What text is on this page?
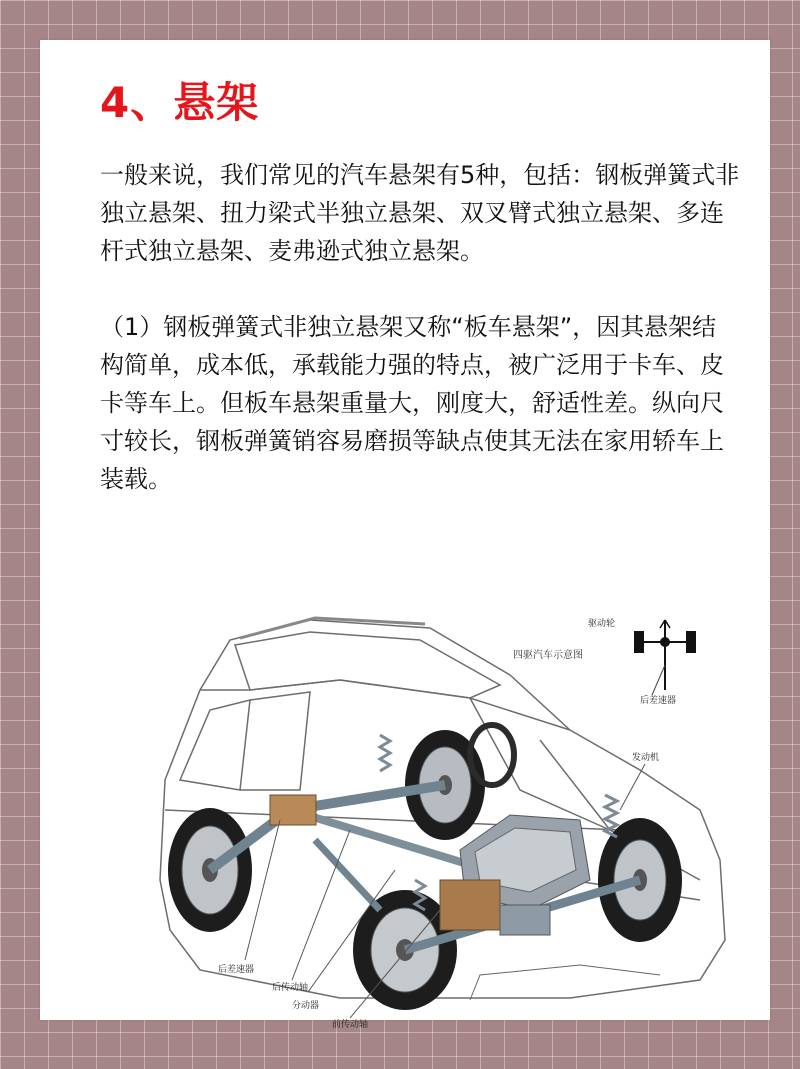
4、悬架

一般来说，我们常见的汽车悬架有5种，包括：钢板弹簧式非独立悬架、扭力梁式半独立悬架、双叉臂式独立悬架、多连杆式独立悬架、麦弗逊式独立悬架。

（1）钢板弹簧式非独立悬架又称“板车悬架”，因其悬架结构简单，成本低，承载能力强的特点，被广泛用于卡车、皮卡等车上。但板车悬架重量大，刚度大，舒适性差。纵向尺寸较长，钢板弹簧销容易磨损等缺点使其无法在家用轿车上装载。

四驱汽车示意图
驱动轮
后差速器
发动机
后差速器
后传动轴
分动器
前传动轴
